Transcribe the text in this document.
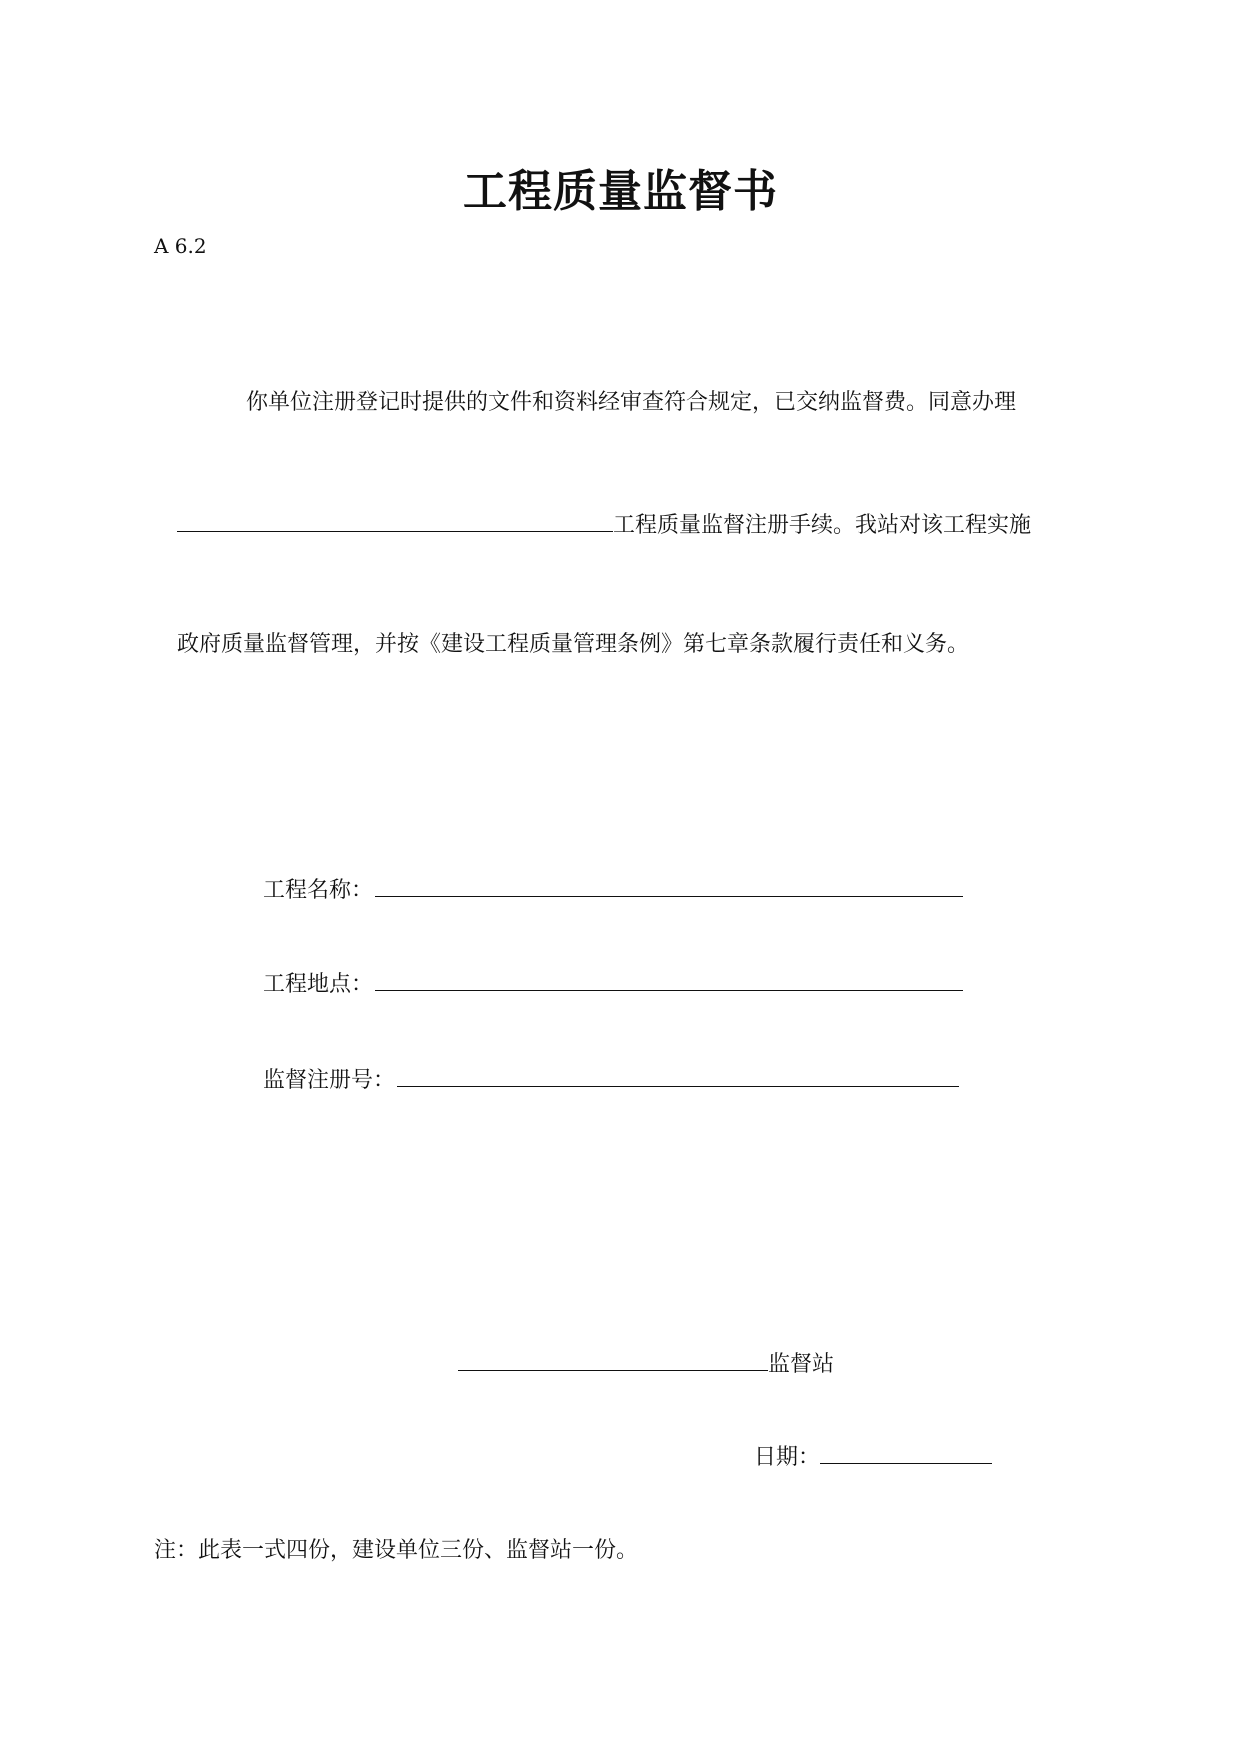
工程质量监督书
A 6.2
你单位注册登记时提供的文件和资料经审查符合规定，已交纳监督费。同意办理
工程质量监督注册手续。我站对该工程实施
政府质量监督管理，并按《建设工程质量管理条例》第七章条款履行责任和义务。
工程名称：
工程地点：
监督注册号：
监督站
日期：
注：此表一式四份，建设单位三份、监督站一份。
